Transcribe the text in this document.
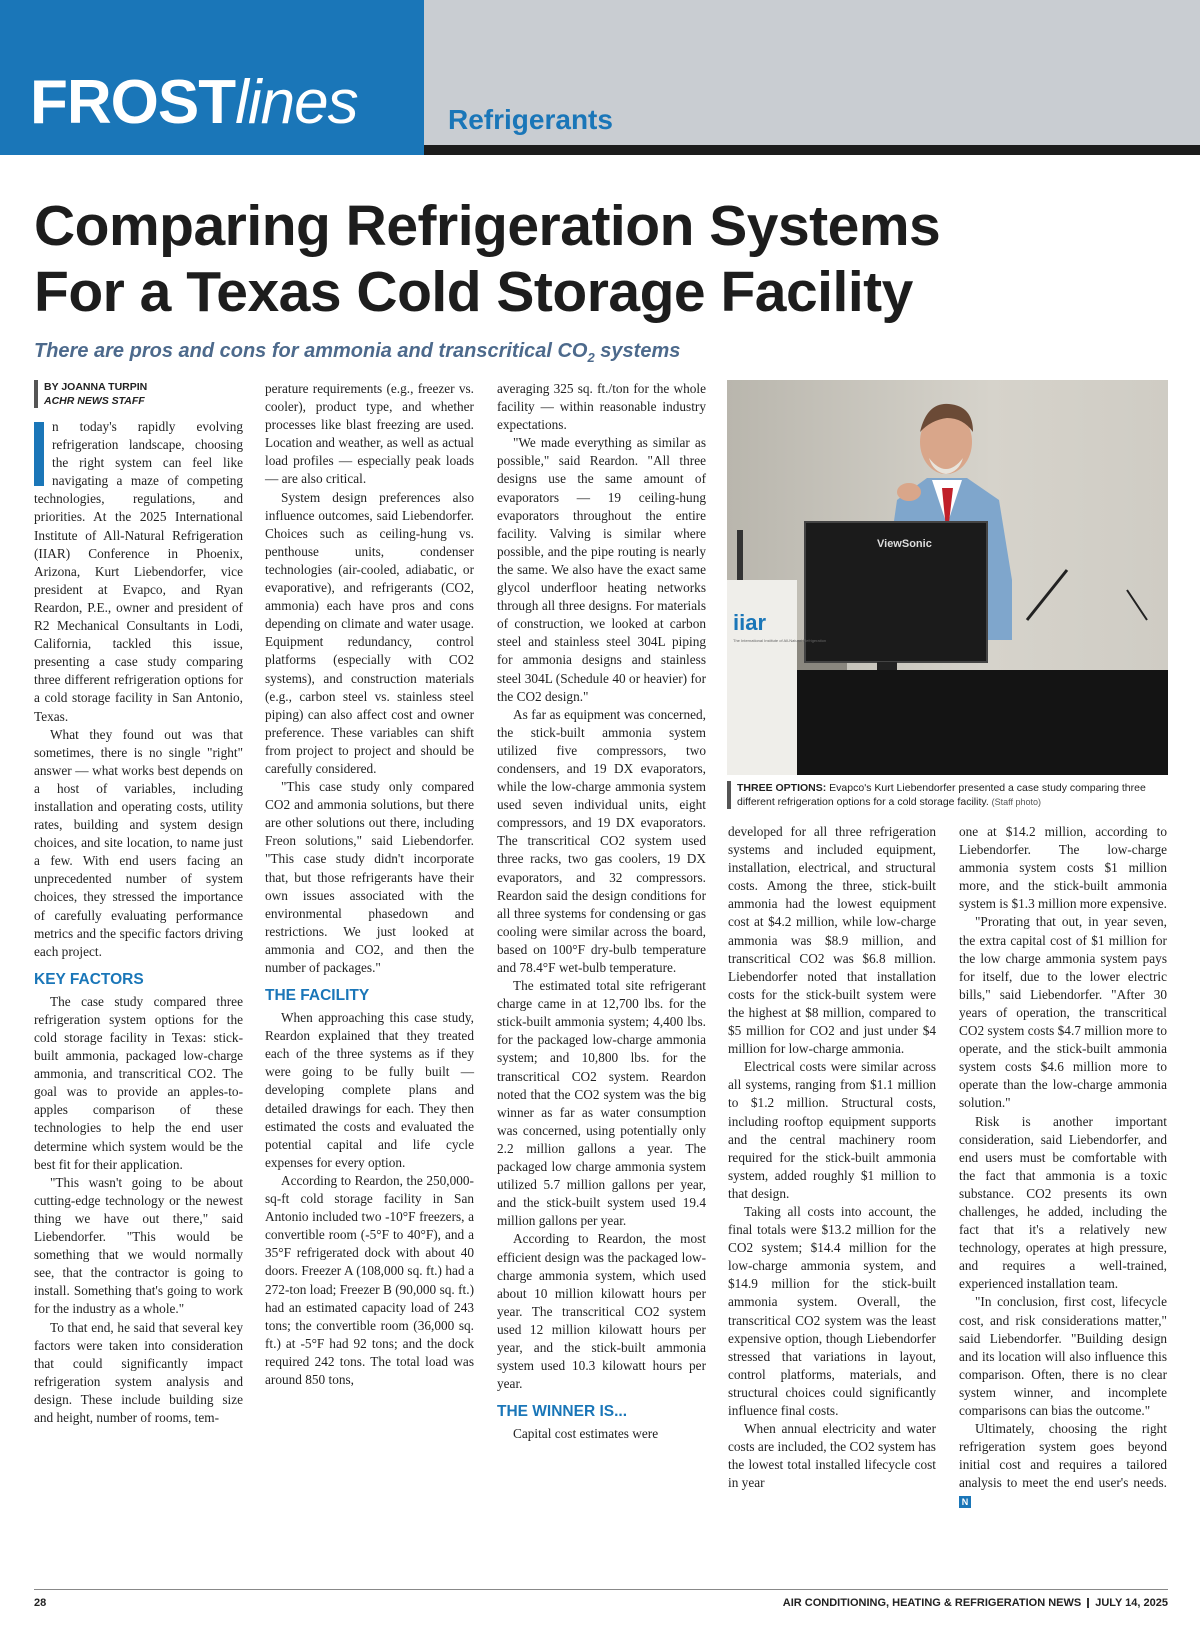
FROSTlines	Refrigerants
Comparing Refrigeration Systems
For a Texas Cold Storage Facility
There are pros and cons for ammonia and transcritical $CO_2$ systems
BY JOANNA TURPIN
ACHR NEWS STAFF

n today's rapidly evolving refrigeration landscape, choosing the right system can feel like navigating a maze of competing technologies, regulations, and priorities. At the 2025 International Institute of All-Natural Refrigeration (IIAR) Conference in Phoenix, Arizona, Kurt Liebendorfer, vice president at Evapco, and Ryan Reardon, P.E., owner and president of R2 Mechanical Consultants in Lodi, California, tackled this issue, presenting a case study comparing three different refrigeration options for a cold storage facility in San Antonio, Texas.

What they found out was that sometimes, there is no single "right" answer — what works best depends on a host of variables, including installation and operating costs, utility rates, building and system design choices, and site location, to name just a few. With end users facing an unprecedented number of system choices, they stressed the importance of carefully evaluating performance metrics and the specific factors driving each project.

KEY FACTORS

The case study compared three refrigeration system options for the cold storage facility in Texas: stick-built ammonia, packaged low-charge ammonia, and transcritical CO2. The goal was to provide an apples-to-apples comparison of these technologies to help the end user determine which system would be the best fit for their application.

"This wasn't going to be about cutting-edge technology or the newest thing we have out there," said Liebendorfer. "This would be something that we would normally see, that the contractor is going to install. Something that's going to work for the industry as a whole."

To that end, he said that several key factors were taken into consideration that could significantly impact refrigeration system analysis and design. These include building size and height, number of rooms, tem-

perature requirements (e.g., freezer vs. cooler), product type, and whether processes like blast freezing are used. Location and weather, as well as actual load profiles — especially peak loads — are also critical.

System design preferences also influence outcomes, said Liebendorfer. Choices such as ceiling-hung vs. penthouse units, condenser technologies (air-cooled, adiabatic, or evaporative), and refrigerants (CO2, ammonia) each have pros and cons depending on climate and water usage. Equipment redundancy, control platforms (especially with CO2 systems), and construction materials (e.g., carbon steel vs. stainless steel piping) can also affect cost and owner preference. These variables can shift from project to project and should be carefully considered.

"This case study only compared CO2 and ammonia solutions, but there are other solutions out there, including Freon solutions," said Liebendorfer. "This case study didn't incorporate that, but those refrigerants have their own issues associated with the environmental phasedown and restrictions. We just looked at ammonia and CO2, and then the number of packages."

THE FACILITY

When approaching this case study, Reardon explained that they treated each of the three systems as if they were going to be fully built — developing complete plans and detailed drawings for each. They then estimated the costs and evaluated the potential capital and life cycle expenses for every option.

According to Reardon, the 250,000-sq-ft cold storage facility in San Antonio included two -10°F freezers, a convertible room (-5°F to 40°F), and a 35°F refrigerated dock with about 40 doors. Freezer A (108,000 sq. ft.) had a 272-ton load; Freezer B (90,000 sq. ft.) had an estimated capacity load of 243 tons; the convertible room (36,000 sq. ft.) at -5°F had 92 tons; and the dock required 242 tons. The total load was around 850 tons,

averaging 325 sq. ft./ton for the whole facility — within reasonable industry expectations.

"We made everything as similar as possible," said Reardon. "All three designs use the same amount of evaporators — 19 ceiling-hung evaporators throughout the entire facility. Valving is similar where possible, and the pipe routing is nearly the same. We also have the exact same glycol underfloor heating networks through all three designs. For materials of construction, we looked at carbon steel and stainless steel 304L piping for ammonia designs and stainless steel 304L (Schedule 40 or heavier) for the CO2 design."

As far as equipment was concerned, the stick-built ammonia system utilized five compressors, two condensers, and 19 DX evaporators, while the low-charge ammonia system used seven individual units, eight compressors, and 19 DX evaporators. The transcritical CO2 system used three racks, two gas coolers, 19 DX evaporators, and 32 compressors. Reardon said the design conditions for all three systems for condensing or gas cooling were similar across the board, based on 100°F dry-bulb temperature and 78.4°F wet-bulb temperature.

The estimated total site refrigerant charge came in at 12,700 lbs. for the stick-built ammonia system; 4,400 lbs. for the packaged low-charge ammonia system; and 10,800 lbs. for the transcritical CO2 system. Reardon noted that the CO2 system was the big winner as far as water consumption was concerned, using potentially only 2.2 million gallons a year. The packaged low charge ammonia system utilized 5.7 million gallons per year, and the stick-built system used 19.4 million gallons per year.

According to Reardon, the most efficient design was the packaged low-charge ammonia system, which used about 10 million kilowatt hours per year. The transcritical CO2 system used 12 million kilowatt hours per year, and the stick-built ammonia system used 10.3 kilowatt hours per year.

THE WINNER IS...

Capital cost estimates were

ViewSonic
iiar
The International Institute of All-Natural Refrigeration
THREE OPTIONS: Evapco's Kurt Liebendorfer presented a case study comparing three different refrigeration options for a cold storage facility. (Staff photo)

developed for all three refrigeration systems and included equipment, installation, electrical, and structural costs. Among the three, stick-built ammonia had the lowest equipment cost at $4.2 million, while low-charge ammonia was $8.9 million, and transcritical CO2 was $6.8 million. Liebendorfer noted that installation costs for the stick-built system were the highest at $8 million, compared to $5 million for CO2 and just under $4 million for low-charge ammonia.

Electrical costs were similar across all systems, ranging from $1.1 million to $1.2 million. Structural costs, including rooftop equipment supports and the central machinery room required for the stick-built ammonia system, added roughly $1 million to that design.

Taking all costs into account, the final totals were $13.2 million for the CO2 system; $14.4 million for the low-charge ammonia system, and $14.9 million for the stick-built ammonia system. Overall, the transcritical CO2 system was the least expensive option, though Liebendorfer stressed that variations in layout, control platforms, materials, and structural choices could significantly influence final costs.

When annual electricity and water costs are included, the CO2 system has the lowest total installed lifecycle cost in year

one at $14.2 million, according to Liebendorfer. The low-charge ammonia system costs $1 million more, and the stick-built ammonia system is $1.3 million more expensive.

"Prorating that out, in year seven, the extra capital cost of $1 million for the low charge ammonia system pays for itself, due to the lower electric bills," said Liebendorfer. "After 30 years of operation, the transcritical CO2 system costs $4.7 million more to operate, and the stick-built ammonia system costs $4.6 million more to operate than the low-charge ammonia solution."

Risk is another important consideration, said Liebendorfer, and end users must be comfortable with the fact that ammonia is a toxic substance. CO2 presents its own challenges, he added, including the fact that it's a relatively new technology, operates at high pressure, and requires a well-trained, experienced installation team.

"In conclusion, first cost, lifecycle cost, and risk considerations matter," said Liebendorfer. "Building design and its location will also influence this comparison. Often, there is no clear system winner, and incomplete comparisons can bias the outcome."

Ultimately, choosing the right refrigeration system goes beyond initial cost and requires a tailored analysis to meet the end user's needs. N

28	AIR CONDITIONING, HEATING & REFRIGERATION NEWS JULY 14, 2025
